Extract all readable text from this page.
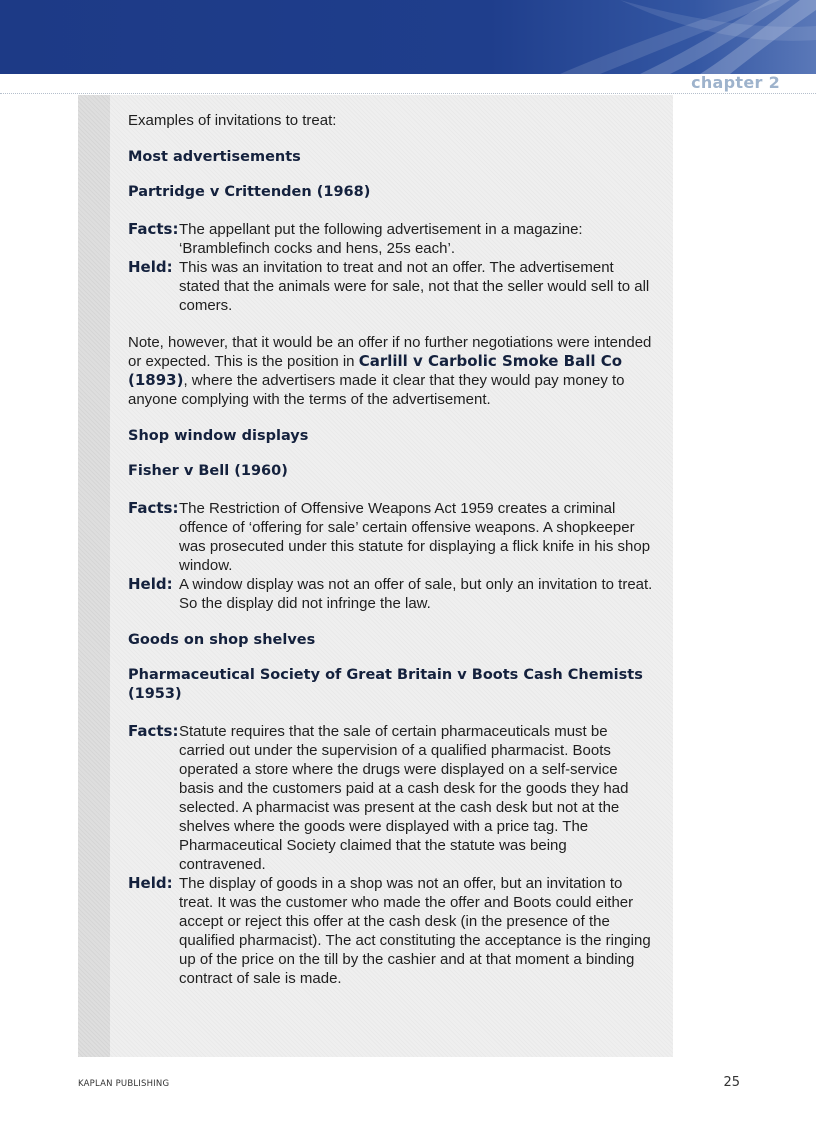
chapter 2

Examples of invitations to treat:

Most advertisements

Partridge v Crittenden (1968)

Facts: The appellant put the following advertisement in a magazine: ‘Bramblefinch cocks and hens, 25s each’.
Held: This was an invitation to treat and not an offer. The advertisement stated that the animals were for sale, not that the seller would sell to all comers.

Note, however, that it would be an offer if no further negotiations were intended or expected. This is the position in Carlill v Carbolic Smoke Ball Co (1893), where the advertisers made it clear that they would pay money to anyone complying with the terms of the advertisement.

Shop window displays

Fisher v Bell (1960)

Facts: The Restriction of Offensive Weapons Act 1959 creates a criminal offence of ‘offering for sale’ certain offensive weapons. A shopkeeper was prosecuted under this statute for displaying a flick knife in his shop window.
Held: A window display was not an offer of sale, but only an invitation to treat. So the display did not infringe the law.

Goods on shop shelves

Pharmaceutical Society of Great Britain v Boots Cash Chemists (1953)

Facts: Statute requires that the sale of certain pharmaceuticals must be carried out under the supervision of a qualified pharmacist. Boots operated a store where the drugs were displayed on a self-service basis and the customers paid at a cash desk for the goods they had selected. A pharmacist was present at the cash desk but not at the shelves where the goods were displayed with a price tag. The Pharmaceutical Society claimed that the statute was being contravened.
Held: The display of goods in a shop was not an offer, but an invitation to treat. It was the customer who made the offer and Boots could either accept or reject this offer at the cash desk (in the presence of the qualified pharmacist). The act constituting the acceptance is the ringing up of the price on the till by the cashier and at that moment a binding contract of sale is made.
KAPLAN PUBLISHING	25
